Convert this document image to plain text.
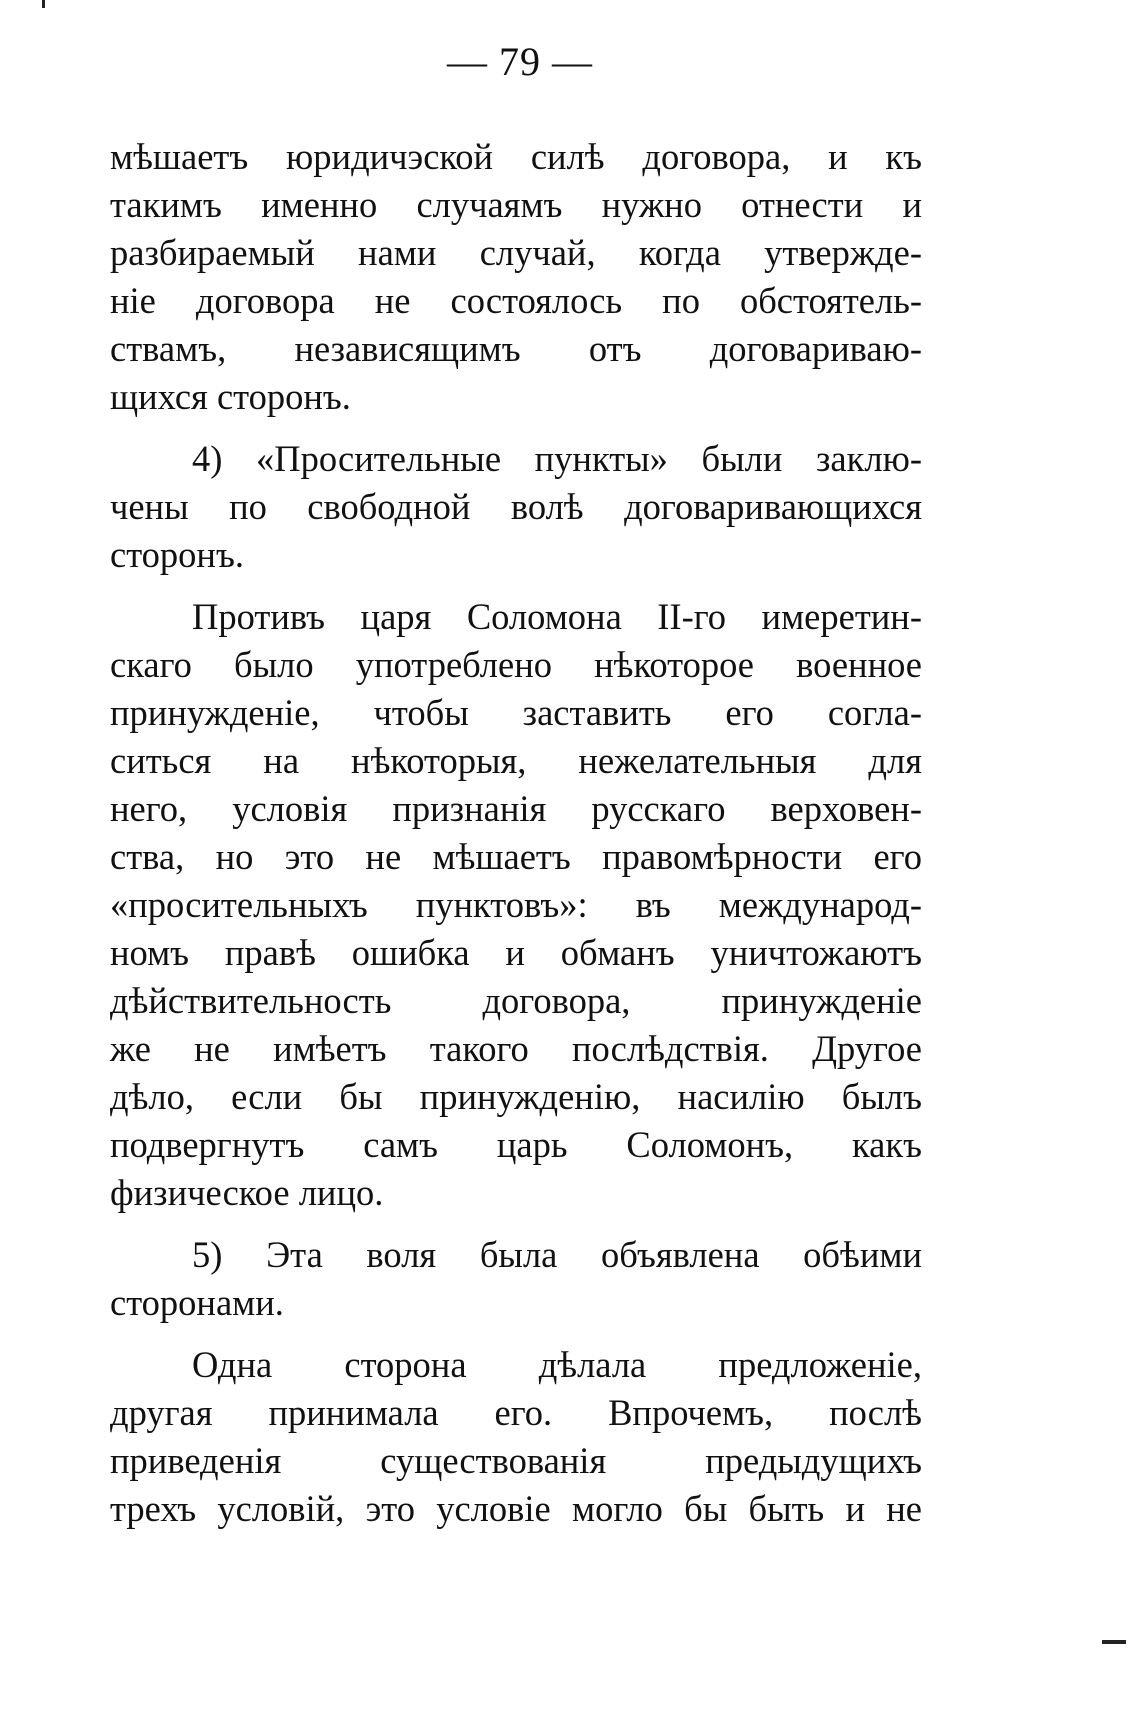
— 79 —
мѣшаетъ юридичэской силѣ договора, и къ
такимъ именно случаямъ нужно отнести и
разбираемый нами случай, когда утвержде-
ніе договора не состоялось по обстоятель-
ствамъ, независящимъ отъ договариваю-
щихся сторонъ.
4) «Просительные пункты» были заклю-
чены по свободной волѣ договаривающихся
сторонъ.
Противъ царя Соломона II-го имеретин-
скаго было употреблено нѣкоторое военное
принужденіе, чтобы заставить его согла-
ситься на нѣкоторыя, нежелательныя для
него, условія признанія русскаго верховен-
ства, но это не мѣшаетъ правомѣрности его
«просительныхъ пунктовъ»: въ международ-
номъ правѣ ошибка и обманъ уничтожаютъ
дѣйствительность договора, принужденіе
же не имѣетъ такого послѣдствія. Другое
дѣло, если бы принужденію, насилію былъ
подвергнутъ самъ царь Соломонъ, какъ
физическое лицо.
5) Эта воля была объявлена обѣими
сторонами.
Одна сторона дѣлала предложеніе,
другая принимала его. Впрочемъ, послѣ
приведенія существованія предыдущихъ
трехъ условій, это условіе могло бы быть и не
